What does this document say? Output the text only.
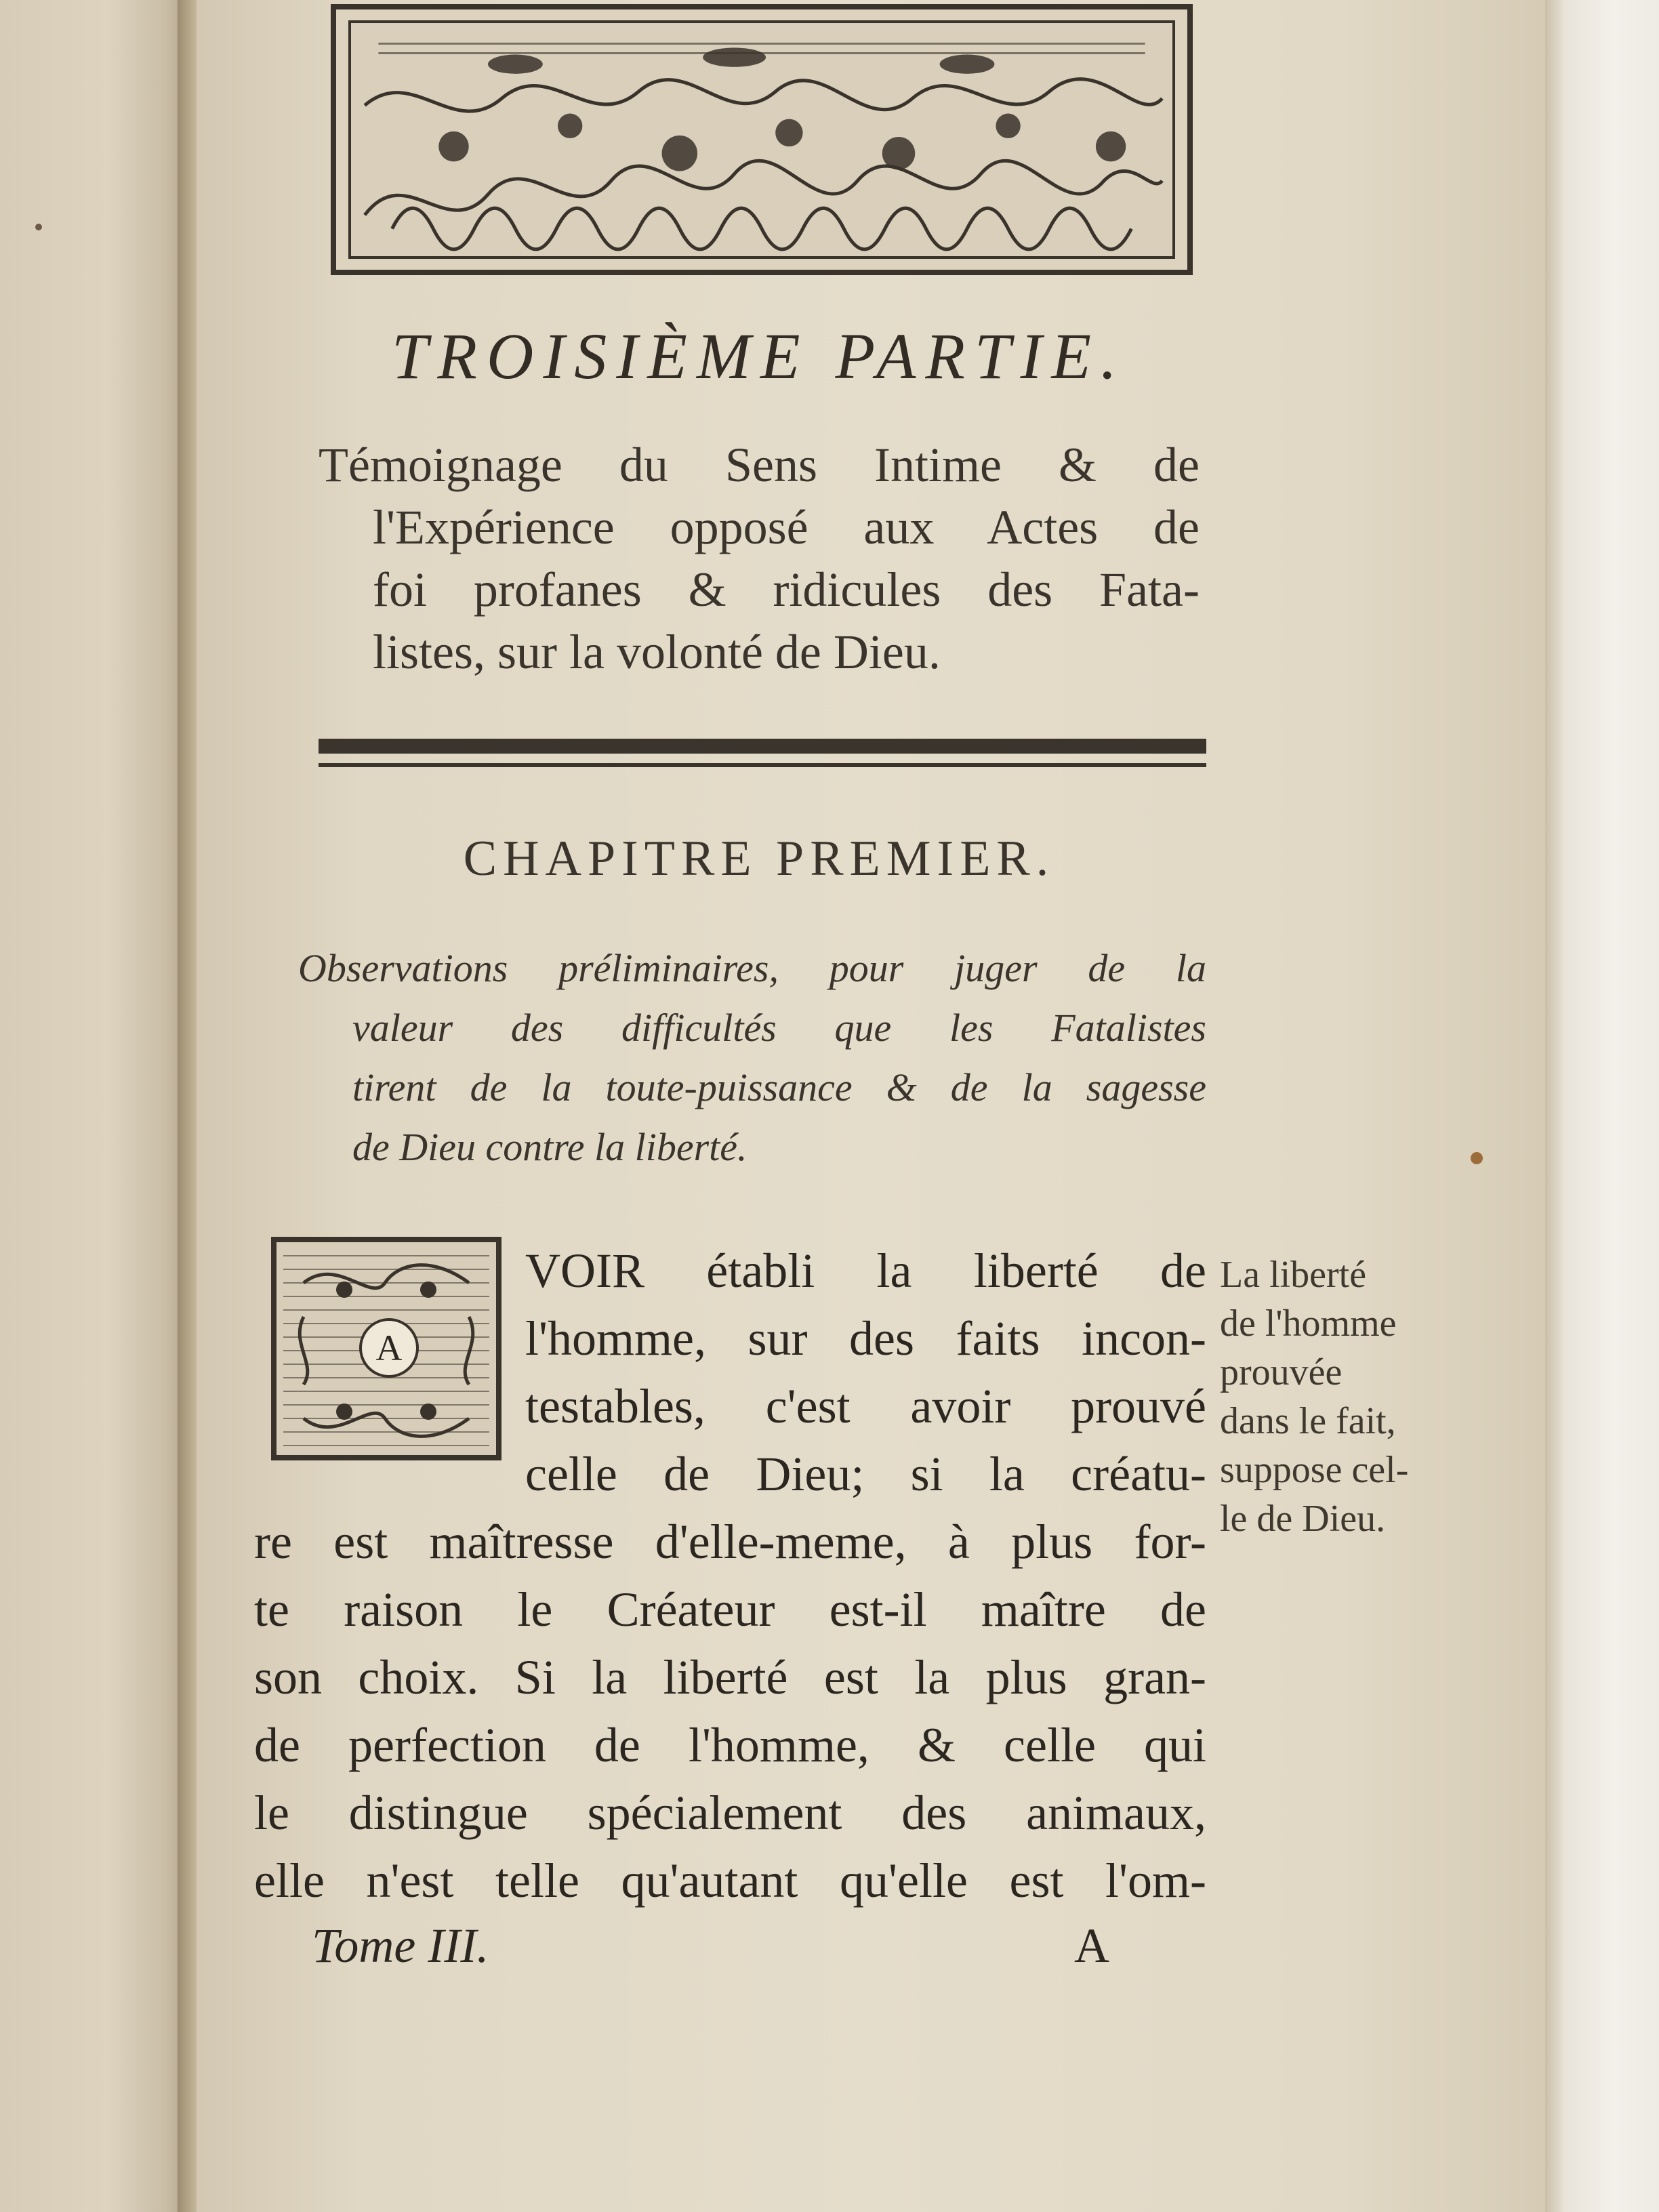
TROISIÈME PARTIE.
Témoignage du Sens Intime & de
l'Expérience opposé aux Actes de
foi profanes & ridicules des Fata-
listes, sur la volonté de Dieu.
CHAPITRE PREMIER.
Observations préliminaires, pour juger de la
valeur des difficultés que les Fatalistes
tirent de la toute-puissance & de la sagesse
de Dieu contre la liberté.
A
VOIR établi la liberté de
l'homme, sur des faits incon-
testables, c'est avoir prouvé
celle de Dieu; si la créatu-
re est maîtresse d'elle-meme, à plus for-
te raison le Créateur est-il maître de
son choix. Si la liberté est la plus gran-
de perfection de l'homme, & celle qui
le distingue spécialement des animaux,
elle n'est telle qu'autant qu'elle est l'om-
La liberté
de l'homme
prouvée
dans le fait,
suppose cel-
le de Dieu.
Tome III.	A
